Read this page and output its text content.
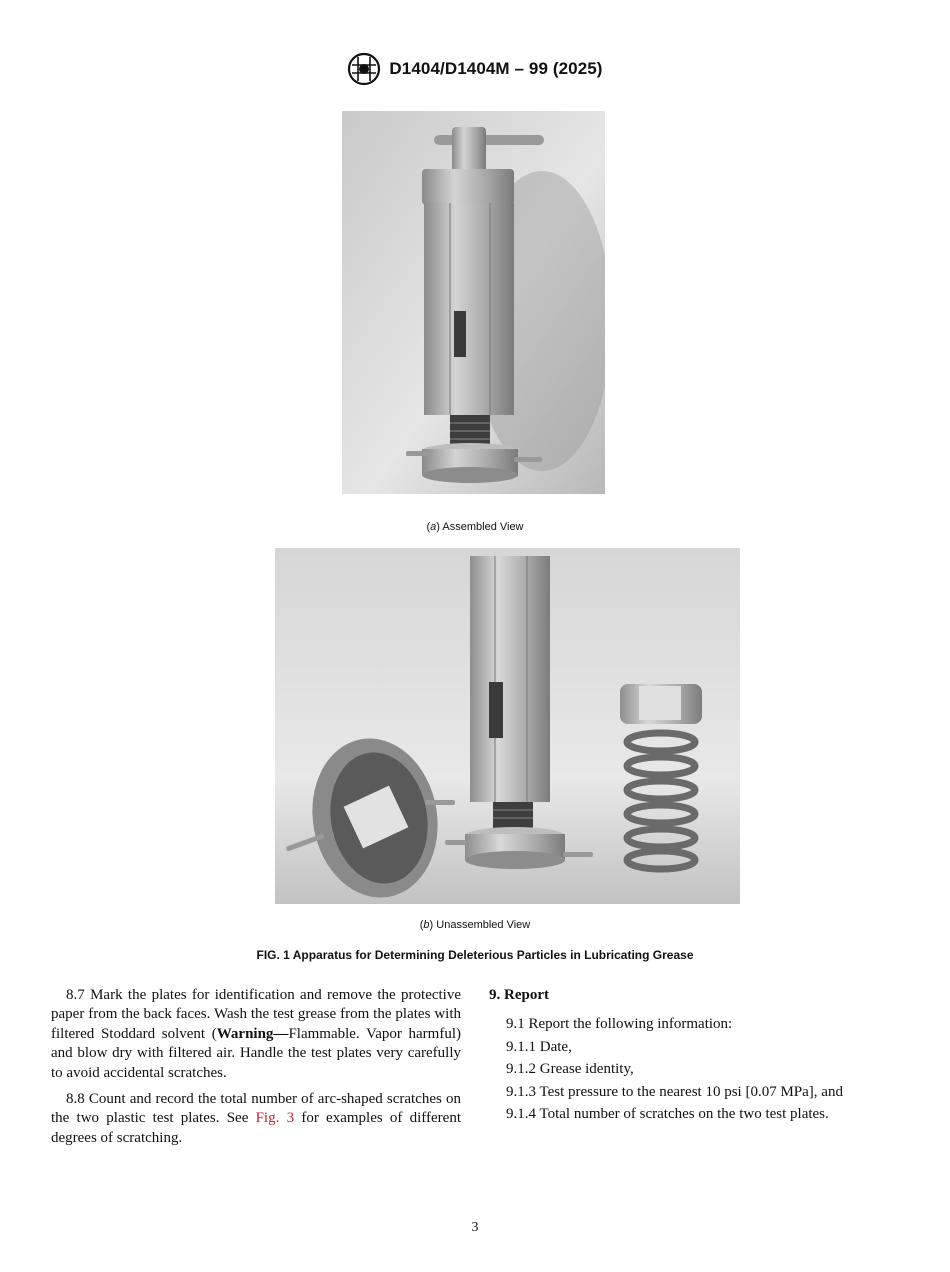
D1404/D1404M – 99 (2025)
(a) Assembled View
(b) Unassembled View
FIG. 1 Apparatus for Determining Deleterious Particles in Lubricating Grease

8.7 Mark the plates for identification and remove the protective paper from the back faces. Wash the test grease from the plates with filtered Stoddard solvent (Warning—Flammable. Vapor harmful) and blow dry with filtered air. Handle the test plates very carefully to avoid accidental scratches.

8.8 Count and record the total number of arc-shaped scratches on the two plastic test plates. See Fig. 3 for examples of different degrees of scratching.

9. Report
9.1 Report the following information:
9.1.1 Date,
9.1.2 Grease identity,
9.1.3 Test pressure to the nearest 10 psi [0.07 MPa], and
9.1.4 Total number of scratches on the two test plates.
3
